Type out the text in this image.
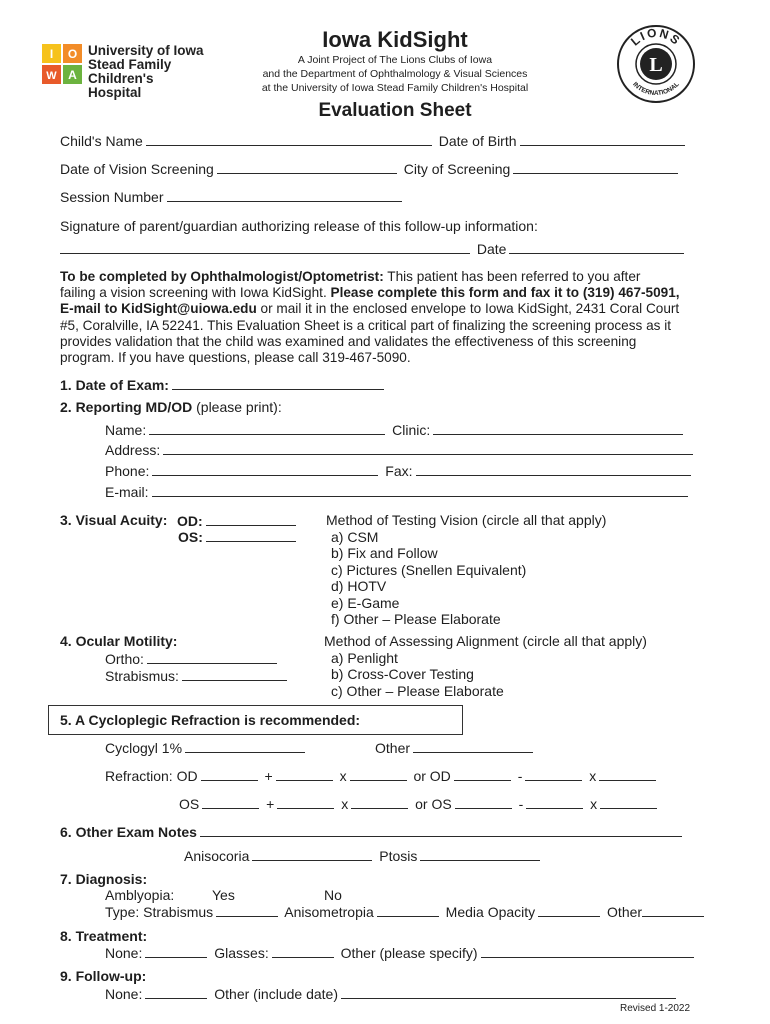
I O
W A
University of Iowa
Stead Family
Children's Hospital
Iowa KidSight
A Joint Project of The Lions Clubs of Iowa
and the Department of Ophthalmology & Visual Sciences
at the University of Iowa Stead Family Children's Hospital
LIONS
INTERNATIONAL
L
Evaluation Sheet
Child's Name	Date of Birth
Date of Vision Screening	City of Screening
Session Number
Signature of parent/guardian authorizing release of this follow-up information:
Date
To be completed by Ophthalmologist/Optometrist: This patient has been referred to you after
failing a vision screening with Iowa KidSight. Please complete this form and fax it to (319) 467-5091,
E-mail to KidSight@uiowa.edu or mail it in the enclosed envelope to Iowa KidSight, 2431 Coral Court
#5, Coralville, IA 52241. This Evaluation Sheet is a critical part of finalizing the screening process as it
provides validation that the child was examined and validates the effectiveness of this screening
program. If you have questions, please call 319-467-5090.
1. Date of Exam:
2. Reporting MD/OD (please print):
Name:	Clinic:
Address:
Phone:	Fax:
E-mail:
3. Visual Acuity: OD:
OS:
Method of Testing Vision (circle all that apply)
a) CSM
b) Fix and Follow
c) Pictures (Snellen Equivalent)
d) HOTV
e) E-Game
f) Other – Please Elaborate
4. Ocular Motility:
Ortho:
Strabismus:
Method of Assessing Alignment (circle all that apply)
a) Penlight
b) Cross-Cover Testing
c) Other – Please Elaborate
5. A Cycloplegic Refraction is recommended:
Cyclogyl 1%	Other
Refraction: OD	+	x	or OD	-	x
OS	+	x	or OS	-	x
6. Other Exam Notes
Anisocoria	Ptosis
7. Diagnosis:
Amblyopia:	Yes	No
Type: Strabismus	Anisometropia	Media Opacity	Other
8. Treatment:
None:	Glasses:	Other (please specify)
9. Follow-up:
None:	Other (include date)
Revised 1-2022
